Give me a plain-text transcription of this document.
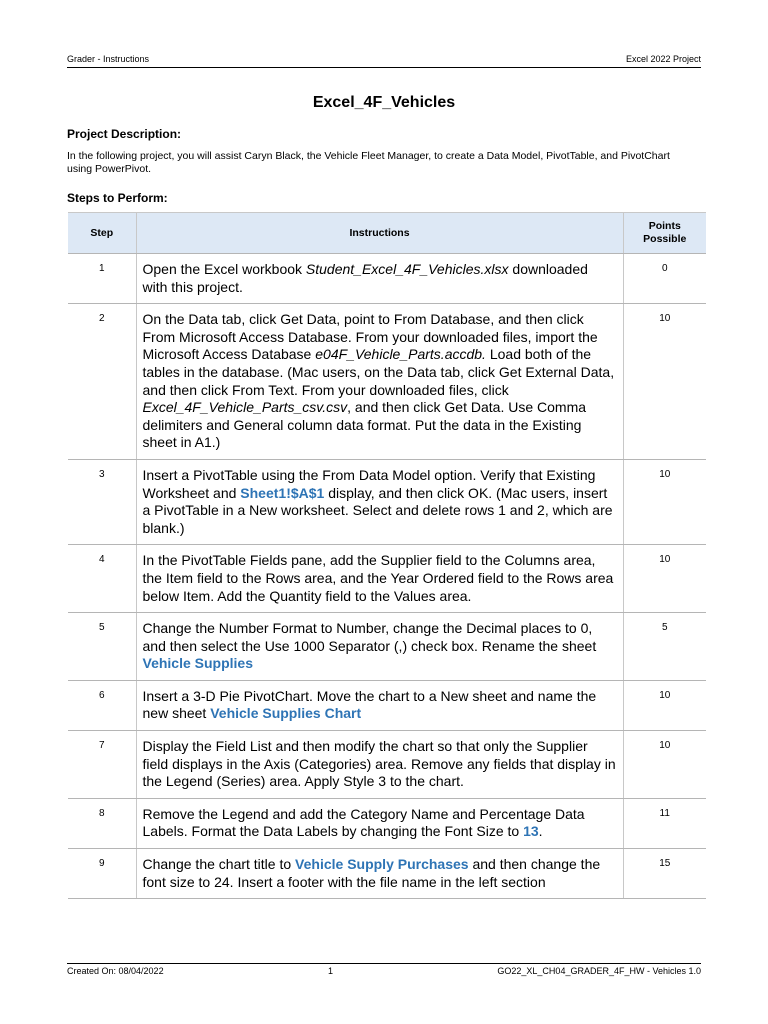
Grader - Instructions	Excel 2022 Project
Excel_4F_Vehicles
Project Description:
In the following project, you will assist Caryn Black, the Vehicle Fleet Manager, to create a Data Model, PivotTable, and PivotChart using PowerPivot.
Steps to Perform:
Step	Instructions	Points Possible
1	Open the Excel workbook Student_Excel_4F_Vehicles.xlsx downloaded with this project.	0
2	On the Data tab, click Get Data, point to From Database, and then click From Microsoft Access Database. From your downloaded files, import the Microsoft Access Database e04F_Vehicle_Parts.accdb. Load both of the tables in the database. (Mac users, on the Data tab, click Get External Data, and then click From Text. From your downloaded files, click Excel_4F_Vehicle_Parts_csv.csv, and then click Get Data. Use Comma delimiters and General column data format. Put the data in the Existing sheet in A1.)	10
3	Insert a PivotTable using the From Data Model option. Verify that Existing Worksheet and Sheet1!$A$1 display, and then click OK. (Mac users, insert a PivotTable in a New worksheet. Select and delete rows 1 and 2, which are blank.)	10
4	In the PivotTable Fields pane, add the Supplier field to the Columns area, the Item field to the Rows area, and the Year Ordered field to the Rows area below Item. Add the Quantity field to the Values area.	10
5	Change the Number Format to Number, change the Decimal places to 0, and then select the Use 1000 Separator (,) check box. Rename the sheet Vehicle Supplies	5
6	Insert a 3-D Pie PivotChart. Move the chart to a New sheet and name the new sheet Vehicle Supplies Chart	10
7	Display the Field List and then modify the chart so that only the Supplier field displays in the Axis (Categories) area. Remove any fields that display in the Legend (Series) area. Apply Style 3 to the chart.	10
8	Remove the Legend and add the Category Name and Percentage Data Labels. Format the Data Labels by changing the Font Size to 13.	11
9	Change the chart title to Vehicle Supply Purchases and then change the font size to 24. Insert a footer with the file name in the left section	15
Created On: 08/04/2022	1	GO22_XL_CH04_GRADER_4F_HW - Vehicles 1.0
